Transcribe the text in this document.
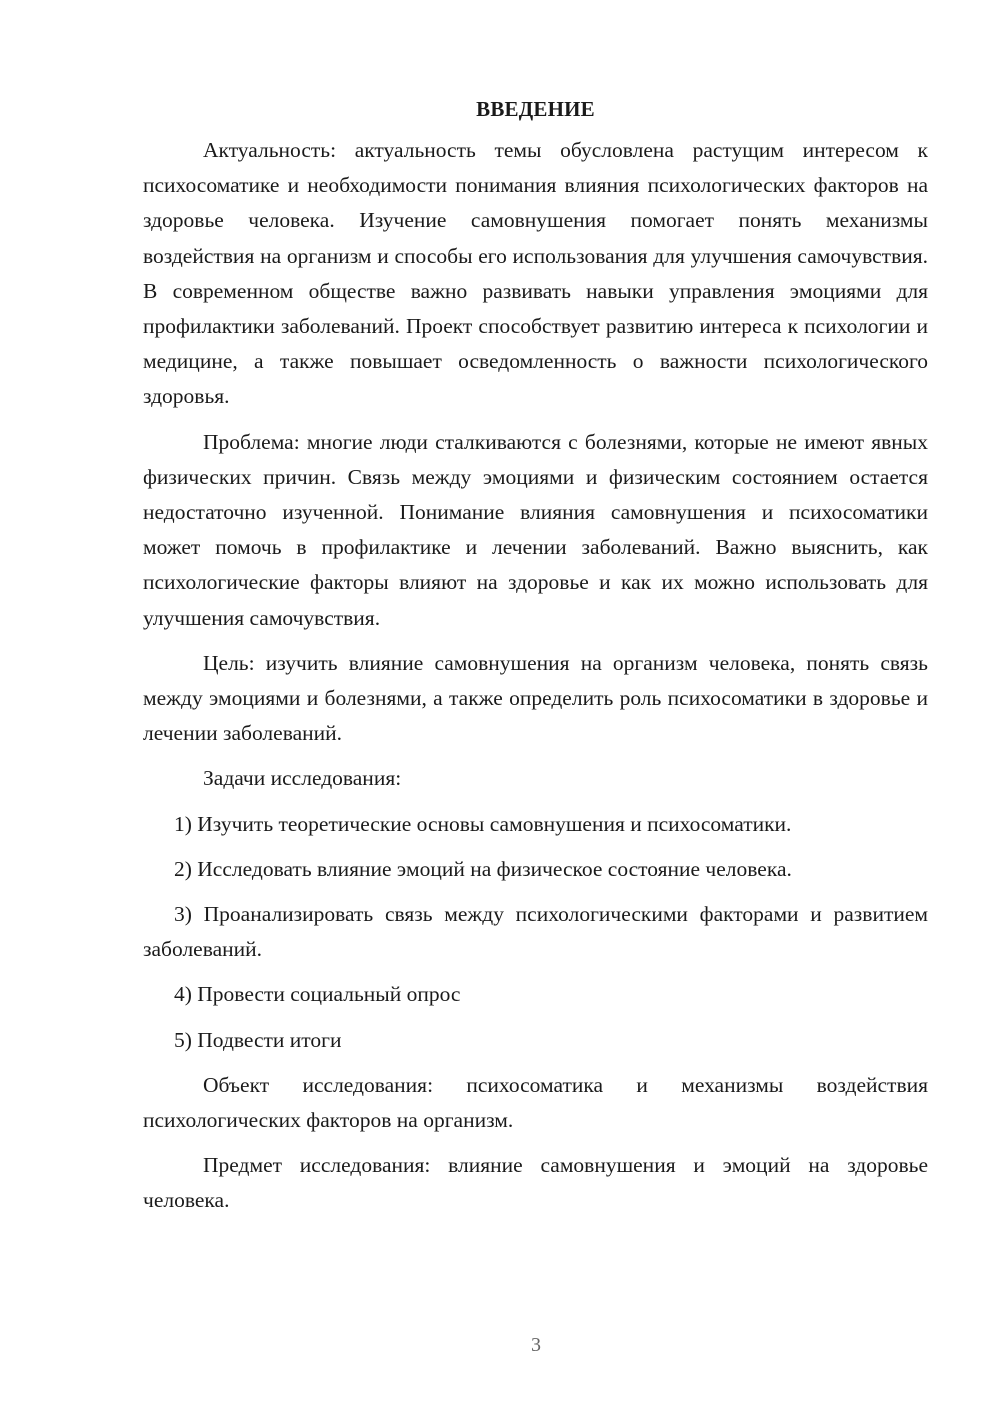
ВВЕДЕНИЕ

Актуальность: актуальность темы обусловлена растущим интересом к психосоматике и необходимости понимания влияния психологических факторов на здоровье человека. Изучение самовнушения помогает понять механизмы воздействия на организм и способы его использования для улучшения самочувствия. В современном обществе важно развивать навыки управления эмоциями для профилактики заболеваний. Проект способствует развитию интереса к психологии и медицине, а также повышает осведомленность о важности психологического здоровья.

Проблема: многие люди сталкиваются с болезнями, которые не имеют явных физических причин. Связь между эмоциями и физическим состоянием остается недостаточно изученной. Понимание влияния самовнушения и психосоматики может помочь в профилактике и лечении заболеваний. Важно выяснить, как психологические факторы влияют на здоровье и как их можно использовать для улучшения самочувствия.

Цель: изучить влияние самовнушения на организм человека, понять связь между эмоциями и болезнями, а также определить роль психосоматики в здоровье и лечении заболеваний.

Задачи исследования:

1) Изучить теоретические основы самовнушения и психосоматики.

2) Исследовать влияние эмоций на физическое состояние человека.

3) Проанализировать связь между психологическими факторами и развитием заболеваний.

4) Провести социальный опрос

5) Подвести итоги

Объект исследования: психосоматика и механизмы воздействия психологических факторов на организм.

Предмет исследования: влияние самовнушения и эмоций на здоровье человека.

3
